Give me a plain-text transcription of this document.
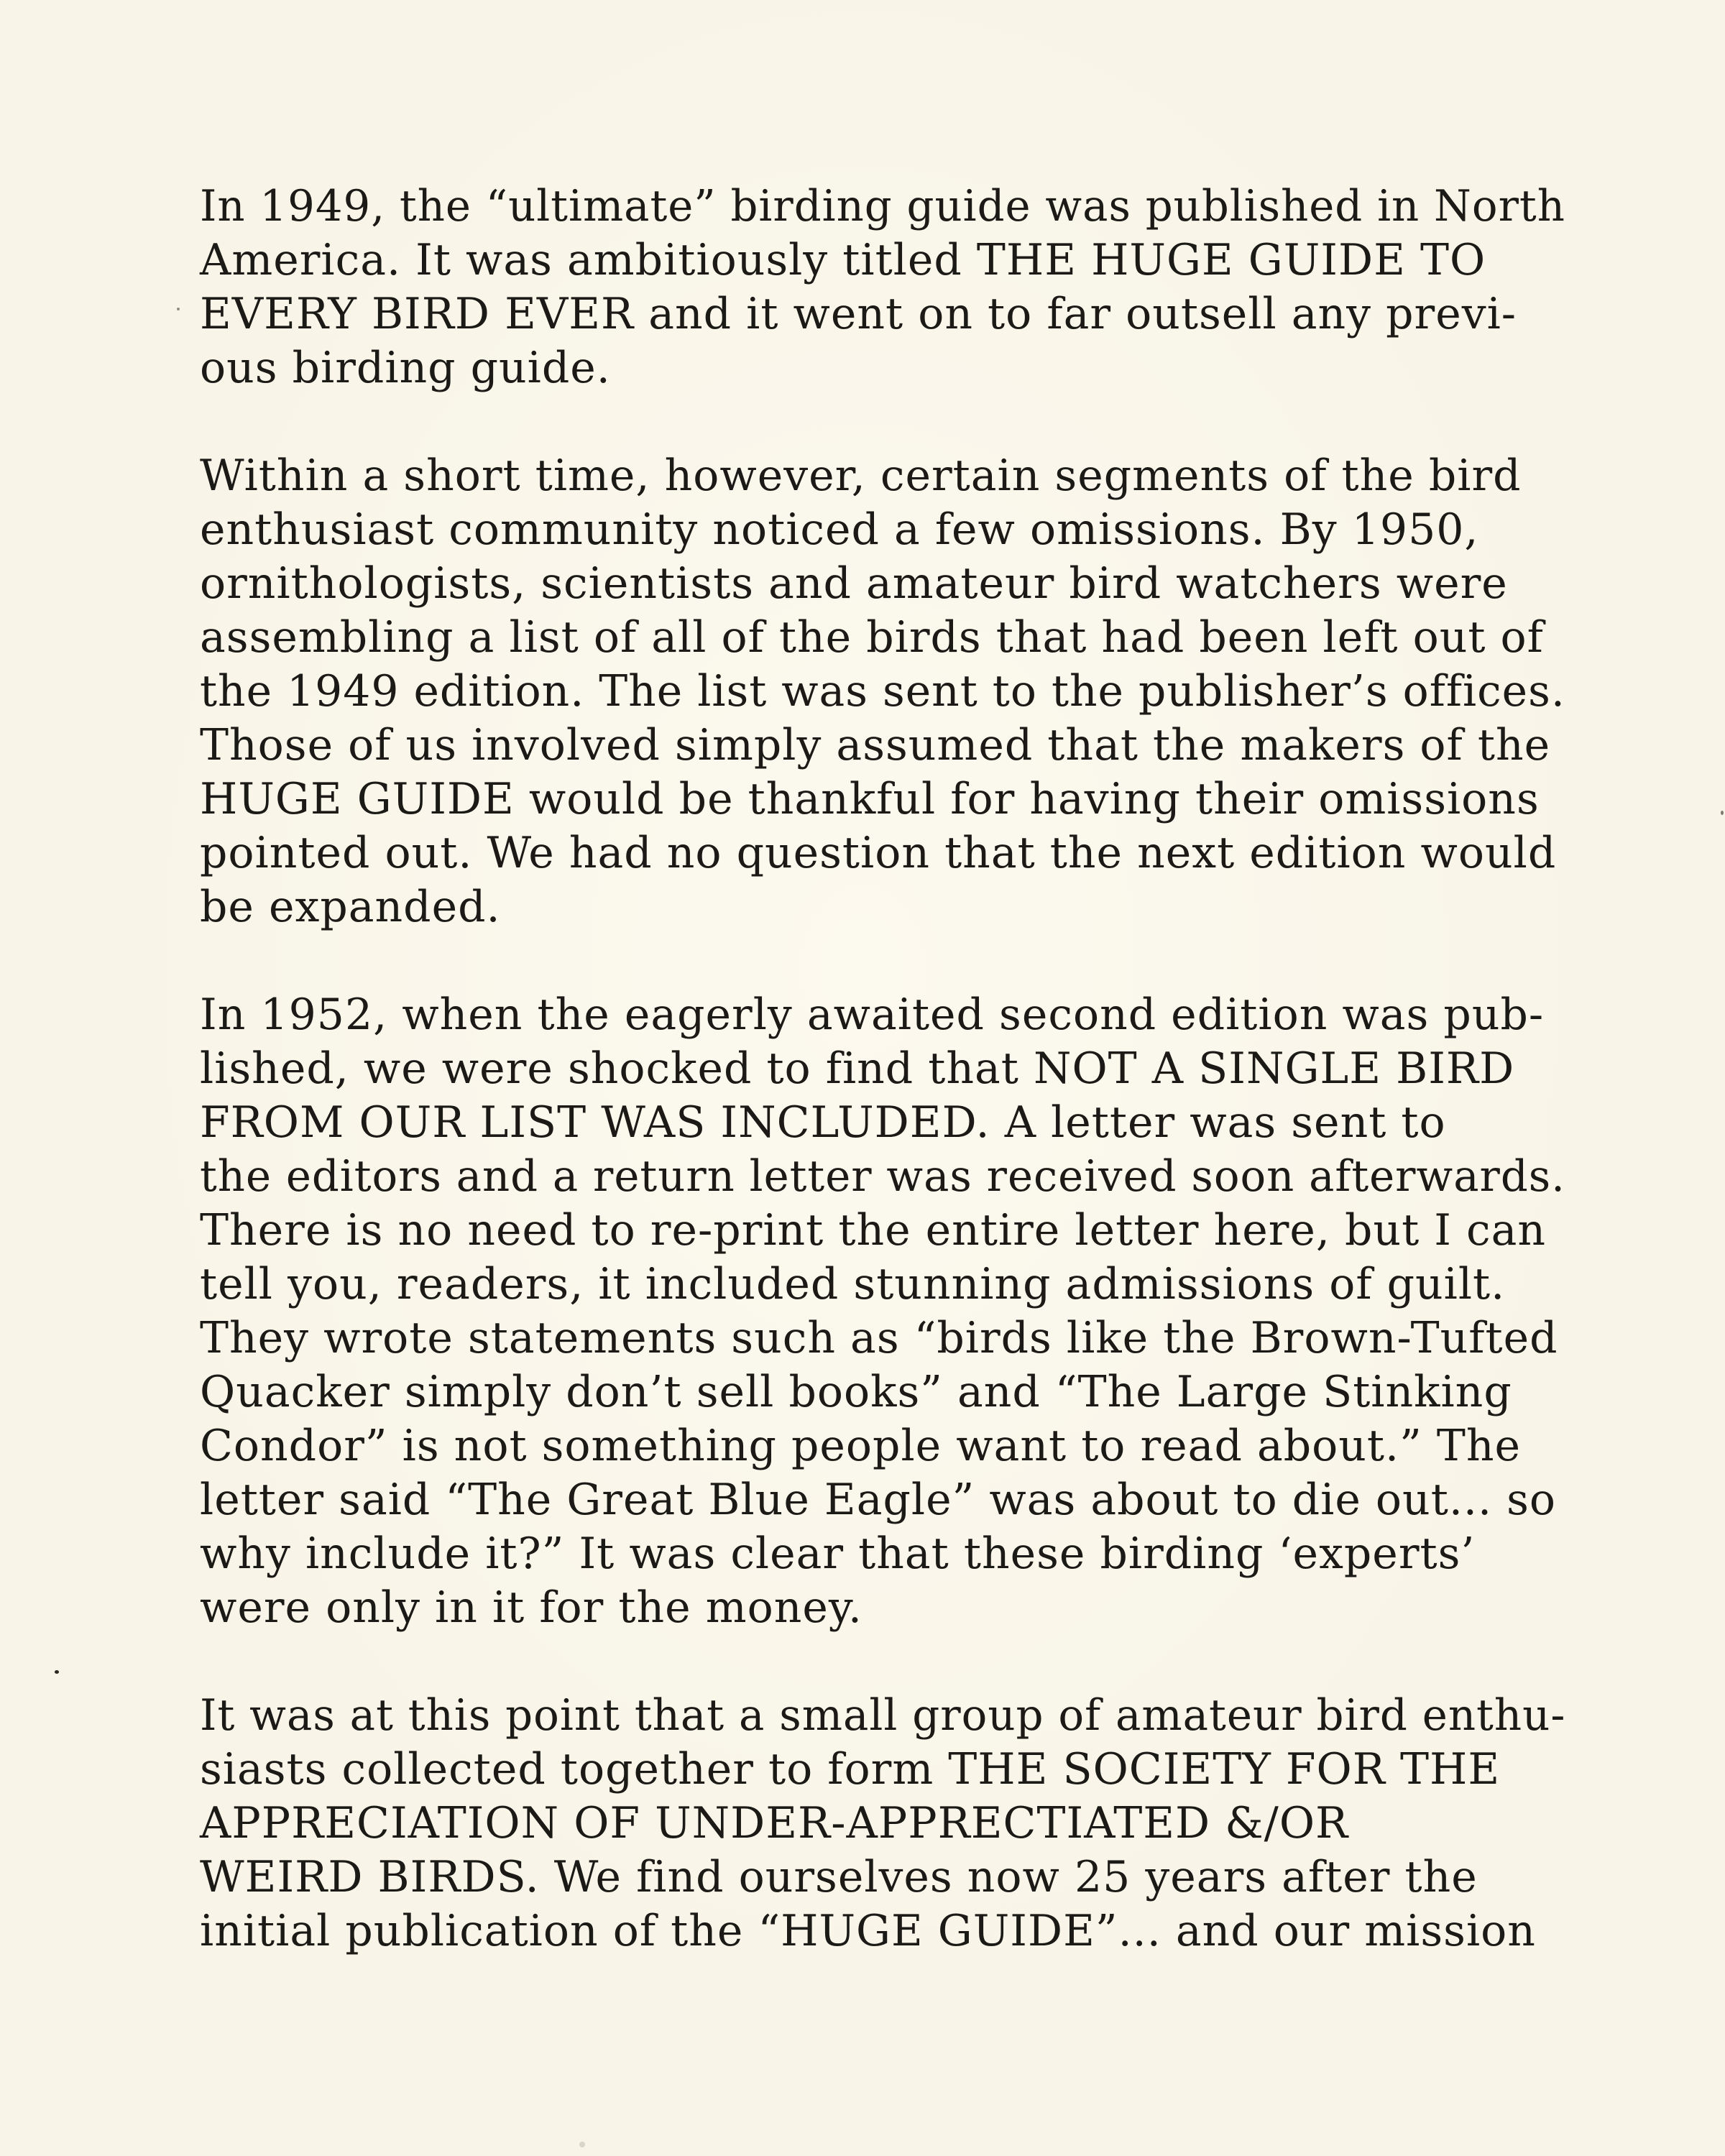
In 1949, the “ultimate” birding guide was published in North
America. It was ambitiously titled THE HUGE GUIDE TO
EVERY BIRD EVER and it went on to far outsell any previ-
ous birding guide.
Within a short time, however, certain segments of the bird
enthusiast community noticed a few omissions. By 1950,
ornithologists, scientists and amateur bird watchers were
assembling a list of all of the birds that had been left out of
the 1949 edition. The list was sent to the publisher’s offices.
Those of us involved simply assumed that the makers of the
HUGE GUIDE would be thankful for having their omissions
pointed out. We had no question that the next edition would
be expanded.
In 1952, when the eagerly awaited second edition was pub-
lished, we were shocked to find that NOT A SINGLE BIRD
FROM OUR LIST WAS INCLUDED. A letter was sent to
the editors and a return letter was received soon afterwards.
There is no need to re-print the entire letter here, but I can
tell you, readers, it included stunning admissions of guilt.
They wrote statements such as “birds like the Brown-Tufted
Quacker simply don’t sell books” and “The Large Stinking
Condor” is not something people want to read about.” The
letter said “The Great Blue Eagle” was about to die out... so
why include it?” It was clear that these birding ‘experts’
were only in it for the money.
It was at this point that a small group of amateur bird enthu-
siasts collected together to form THE SOCIETY FOR THE
APPRECIATION OF UNDER-APPRECTIATED &/OR
WEIRD BIRDS. We find ourselves now 25 years after the
initial publication of the “HUGE GUIDE”... and our mission
